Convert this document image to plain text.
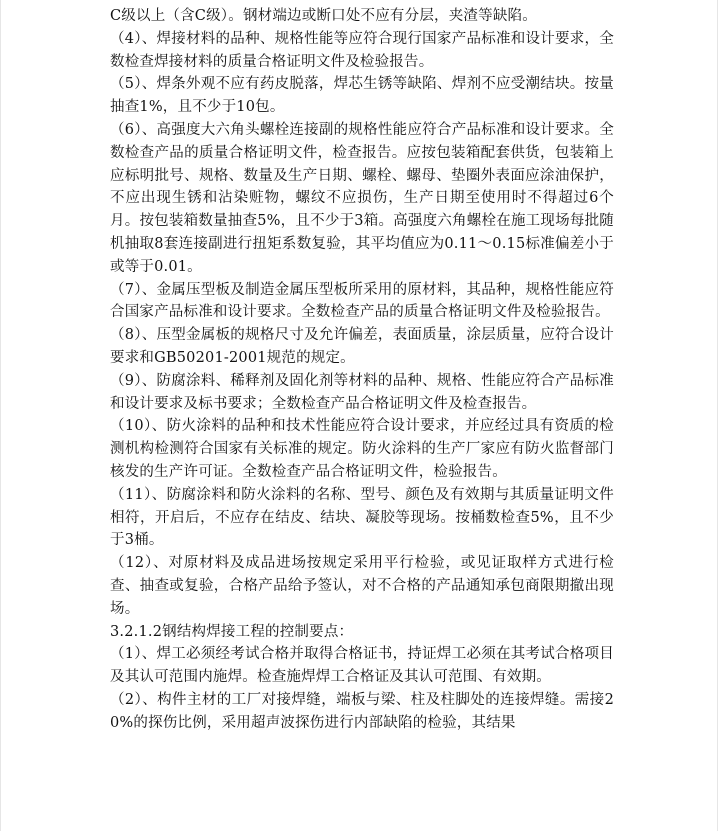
C级以上（含C级）。钢材端边或断口处不应有分层，夹渣等缺陷。

（4）、焊接材料的品种、规格性能等应符合现行国家产品标准和设计要求，全数检查焊接材料的质量合格证明文件及检验报告。

（5）、焊条外观不应有药皮脱落，焊芯生锈等缺陷、焊剂不应受潮结块。按量抽查1%，且不少于10包。

（6）、高强度大六角头螺栓连接副的规格性能应符合产品标准和设计要求。全数检查产品的质量合格证明文件，检查报告。应按包装箱配套供货，包装箱上应标明批号、规格、数量及生产日期、螺栓、螺母、垫圈外表面应涂油保护，不应出现生锈和沾染赃物，螺纹不应损伤，生产日期至使用时不得超过6个月。按包装箱数量抽查5%，且不少于3箱。高强度六角螺栓在施工现场每批随机抽取8套连接副进行扭矩系数复验，其平均值应为0.11～0.15标准偏差小于或等于0.01。

（7）、金属压型板及制造金属压型板所采用的原材料，其品种，规格性能应符合国家产品标准和设计要求。全数检查产品的质量合格证明文件及检验报告。

（8）、压型金属板的规格尺寸及允许偏差，表面质量，涂层质量，应符合设计要求和GB50201-2001规范的规定。

（9）、防腐涂料、稀释剂及固化剂等材料的品种、规格、性能应符合产品标准和设计要求及标书要求；全数检查产品合格证明文件及检查报告。

（10）、防火涂料的品种和技术性能应符合设计要求，并应经过具有资质的检测机构检测符合国家有关标准的规定。防火涂料的生产厂家应有防火监督部门核发的生产许可证。全数检查产品合格证明文件，检验报告。

（11）、防腐涂料和防火涂料的名称、型号、颜色及有效期与其质量证明文件相符，开启后，不应存在结皮、结块、凝胶等现场。按桶数检查5%，且不少于3桶。

（12）、对原材料及成品进场按规定采用平行检验，或见证取样方式进行检查、抽查或复验，合格产品给予签认，对不合格的产品通知承包商限期撤出现场。

3.2.1.2钢结构焊接工程的控制要点：

（1）、焊工必须经考试合格并取得合格证书，持证焊工必须在其考试合格项目及其认可范围内施焊。检查施焊焊工合格证及其认可范围、有效期。

（2）、构件主材的工厂对接焊缝，端板与梁、柱及柱脚处的连接焊缝。需接20%的探伤比例，采用超声波探伤进行内部缺陷的检验，其结果
